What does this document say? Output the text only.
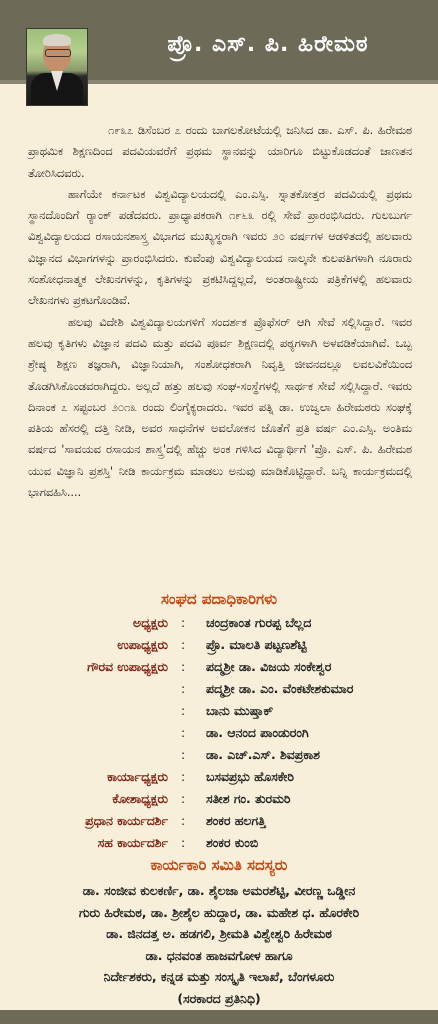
ಪ್ರೊ. ಎಸ್. ಪಿ. ಹಿರೇಮಠ

೧೯೩೭ ಡಿಸೆಂಬರ ೭ ರಂದು ಬಾಗಲಕೋಟೆಯಲ್ಲಿ ಜನಿಸಿದ ಡಾ. ಎಸ್. ಪಿ. ಹಿರೇಮಠ ಪ್ರಾಥಮಿಕ ಶಿಕ್ಷಣದಿಂದ ಪದವಿಯವರೆಗೆ ಪ್ರಥಮ ಸ್ಥಾನವನ್ನು ಯಾರಿಗೂ ಬಿಟ್ಟುಕೊಡದಂತೆ ಜಾಣತನ ತೋರಿಸಿದವರು.

ಹಾಗೆಯೇ ಕರ್ನಾಟಕ ವಿಶ್ವವಿದ್ಯಾಲಯದಲ್ಲಿ ಎಂ.ಎಸ್ಸಿ. ಸ್ನಾತಕೋತ್ತರ ಪದವಿಯಲ್ಲಿ ಪ್ರಥಮ ಸ್ಥಾನದೊಂದಿಗೆ ರ್‍ಯಾಂಕ್ ಪಡೆದವರು. ಪ್ರಾಧ್ಯಾಪಕರಾಗಿ ೧೯೬೩ ರಲ್ಲಿ ಸೇವೆ ಪ್ರಾರಂಭಿಸಿದರು. ಗುಲಬುರ್ಗ ವಿಶ್ವವಿದ್ಯಾಲಯದ ರಸಾಯನಶಾಸ್ತ್ರ ವಿಭಾಗದ ಮುಖ್ಯಸ್ಥರಾಗಿ ಇವರು ೨೦ ವರ್ಷಗಳ ಆಡಳಿತದಲ್ಲಿ ಹಲವಾರು ವಿಜ್ಞಾನದ ವಿಭಾಗಗಳನ್ನು ಪ್ರಾರಂಭಿಸಿದರು. ಕುವೆಂಪು ವಿಶ್ವವಿದ್ಯಾಲಯದ ನಾಲ್ಕನೇ ಕುಲಪತಿಗಳಾಗಿ ನೂರಾರು ಸಂಶೋಧನಾತ್ಮಕ ಲೇಖನಗಳನ್ನು, ಕೃತಿಗಳನ್ನು ಪ್ರಕಟಿಸಿದ್ದಲ್ಲದೆ, ಅಂತರಾಷ್ಟ್ರೀಯ ಪತ್ರಿಕೆಗಳಲ್ಲಿ ಹಲವಾರು ಲೇಖನಗಳು ಪ್ರಕಟಗೊಂಡಿವೆ.

ಹಲವು ವಿದೇಶಿ ವಿಶ್ವವಿದ್ಯಾಲಯಗಳಿಗೆ ಸಂದರ್ಶಕ ಪ್ರೊಫೆಸರ್ ಆಗಿ ಸೇವೆ ಸಲ್ಲಿಸಿದ್ದಾರೆ. ಇವರ ಹಲವು ಕೃತಿಗಳು ವಿಜ್ಞಾನ ಪದವಿ ಮತ್ತು ಪದವಿ ಪೂರ್ವ ಶಿಕ್ಷಣದಲ್ಲಿ ಪಠ್ಯಗಳಾಗಿ ಅಳವಡಿಕೆಯಾಗಿವೆ. ಒಬ್ಬ ಶ್ರೇಷ್ಠ ಶಿಕ್ಷಣ ತಜ್ಞರಾಗಿ, ವಿಜ್ಞಾನಿಯಾಗಿ, ಸಂಶೋಧಕರಾಗಿ ನಿವೃತ್ತಿ ಜೀವನದಲ್ಲೂ ಲವಲವಿಕೆಯಿಂದ ತೊಡಗಿಸಿಕೊಂಡವರಾಗಿದ್ದರು. ಅಲ್ಲದೆ ಹತ್ತು ಹಲವು ಸಂಘ-ಸಂಸ್ಥೆಗಳಲ್ಲಿ ಸಾರ್ಥಕ ಸೇವೆ ಸಲ್ಲಿಸಿದ್ದಾರೆ. ಇವರು ದಿನಾಂಕ ೭ ಸಪ್ಟಂಬರ ೨೦೧೩ ರಂದು ಲಿಂಗೈಕ್ಯರಾದರು. ಇವರ ಪತ್ನಿ ಡಾ. ಉಜ್ವಲಾ ಹಿರೇಮಠರು ಸಂಘಕ್ಕೆ ಪತಿಯ ಹೆಸರಲ್ಲಿ ದತ್ತಿ ನೀಡಿ, ಅವರ ಸಾಧನೆಗಳ ಅವಲೋಕನ ಜೊತೆಗೆ ಪ್ರತಿ ವರ್ಷ ಎಂ.ಎಸ್ಸಿ. ಅಂತಿಮ ವರ್ಷದ 'ಸಾವಯವ ರಸಾಯನ ಶಾಸ್ತ್ರ'ದಲ್ಲಿ ಹೆಚ್ಚು ಅಂಕ ಗಳಿಸಿದ ವಿದ್ಯಾರ್ಥಿಗೆ 'ಪ್ರೊ. ಎಸ್. ಪಿ. ಹಿರೇಮಠ ಯುವ ವಿಜ್ಞಾನಿ ಪ್ರಶಸ್ತಿ' ನೀಡಿ ಕಾರ್ಯಕ್ರಮ ಮಾಡಲು ಅನುವು ಮಾಡಿಕೊಟ್ಟಿದ್ದಾರೆ. ಬನ್ನಿ ಕಾರ್ಯಕ್ರಮದಲ್ಲಿ ಭಾಗವಹಿಸಿ....

ಸಂಘದ ಪದಾಧಿಕಾರಿಗಳು
ಅಧ್ಯಕ್ಷರು : ಚಂದ್ರಕಾಂತ ಗುರಪ್ಪ ಬೆಲ್ಲದ
ಉಪಾಧ್ಯಕ್ಷರು : ಪ್ರೊ. ಮಾಲತಿ ಪಟ್ಟಣಶೆಟ್ಟಿ
ಗೌರವ ಉಪಾಧ್ಯಕ್ಷರು : ಪದ್ಮಶ್ರೀ ಡಾ. ವಿಜಯ ಸಂಕೇಶ್ವರ
: ಪದ್ಮಶ್ರೀ ಡಾ. ಎಂ. ವೆಂಕಟೇಶಕುಮಾರ
: ಬಾನು ಮುಷ್ತಾಕ್
: ಡಾ. ಆನಂದ ಪಾಂಡುರಂಗಿ
: ಡಾ. ಎಚ್.ಎಸ್. ಶಿವಪ್ರಕಾಶ
ಕಾರ್ಯಾಧ್ಯಕ್ಷರು : ಬಸವಪ್ರಭು ಹೊಸಕೇರಿ
ಕೋಶಾಧ್ಯಕ್ಷರು : ಸತೀಶ ಗಂ. ತುರಮರಿ
ಪ್ರಧಾನ ಕಾರ್ಯದರ್ಶಿ : ಶಂಕರ ಹಲಗತ್ತಿ
ಸಹ ಕಾರ್ಯದರ್ಶಿ : ಶಂಕರ ಕುಂಬಿ
ಕಾರ್ಯಕಾರಿ ಸಮಿತಿ ಸದಸ್ಯರು
ಡಾ. ಸಂಜೀವ ಕುಲಕರ್ಣಿ, ಡಾ. ಶೈಲಜಾ ಅಮರಶೆಟ್ಟಿ, ವೀರಣ್ಣ ಒಡ್ಡೀನ
ಗುರು ಹಿರೇಮಠ, ಡಾ. ಶ್ರೀಶೈಲ ಹುದ್ದಾರ, ಡಾ. ಮಹೇಶ ಧ. ಹೊರಕೇರಿ
ಡಾ. ಜಿನದತ್ತ ಅ. ಹಡಗಲಿ, ಶ್ರೀಮತಿ ವಿಶ್ವೇಶ್ವರಿ ಹಿರೇಮಠ
ಡಾ. ಧನವಂತ ಹಾಜವಗೋಳ ಹಾಗೂ
ನಿರ್ದೇಶಕರು, ಕನ್ನಡ ಮತ್ತು ಸಂಸ್ಕೃತಿ ಇಲಾಖೆ, ಬೆಂಗಳೂರು
(ಸರಕಾರದ ಪ್ರತಿನಿಧಿ)
